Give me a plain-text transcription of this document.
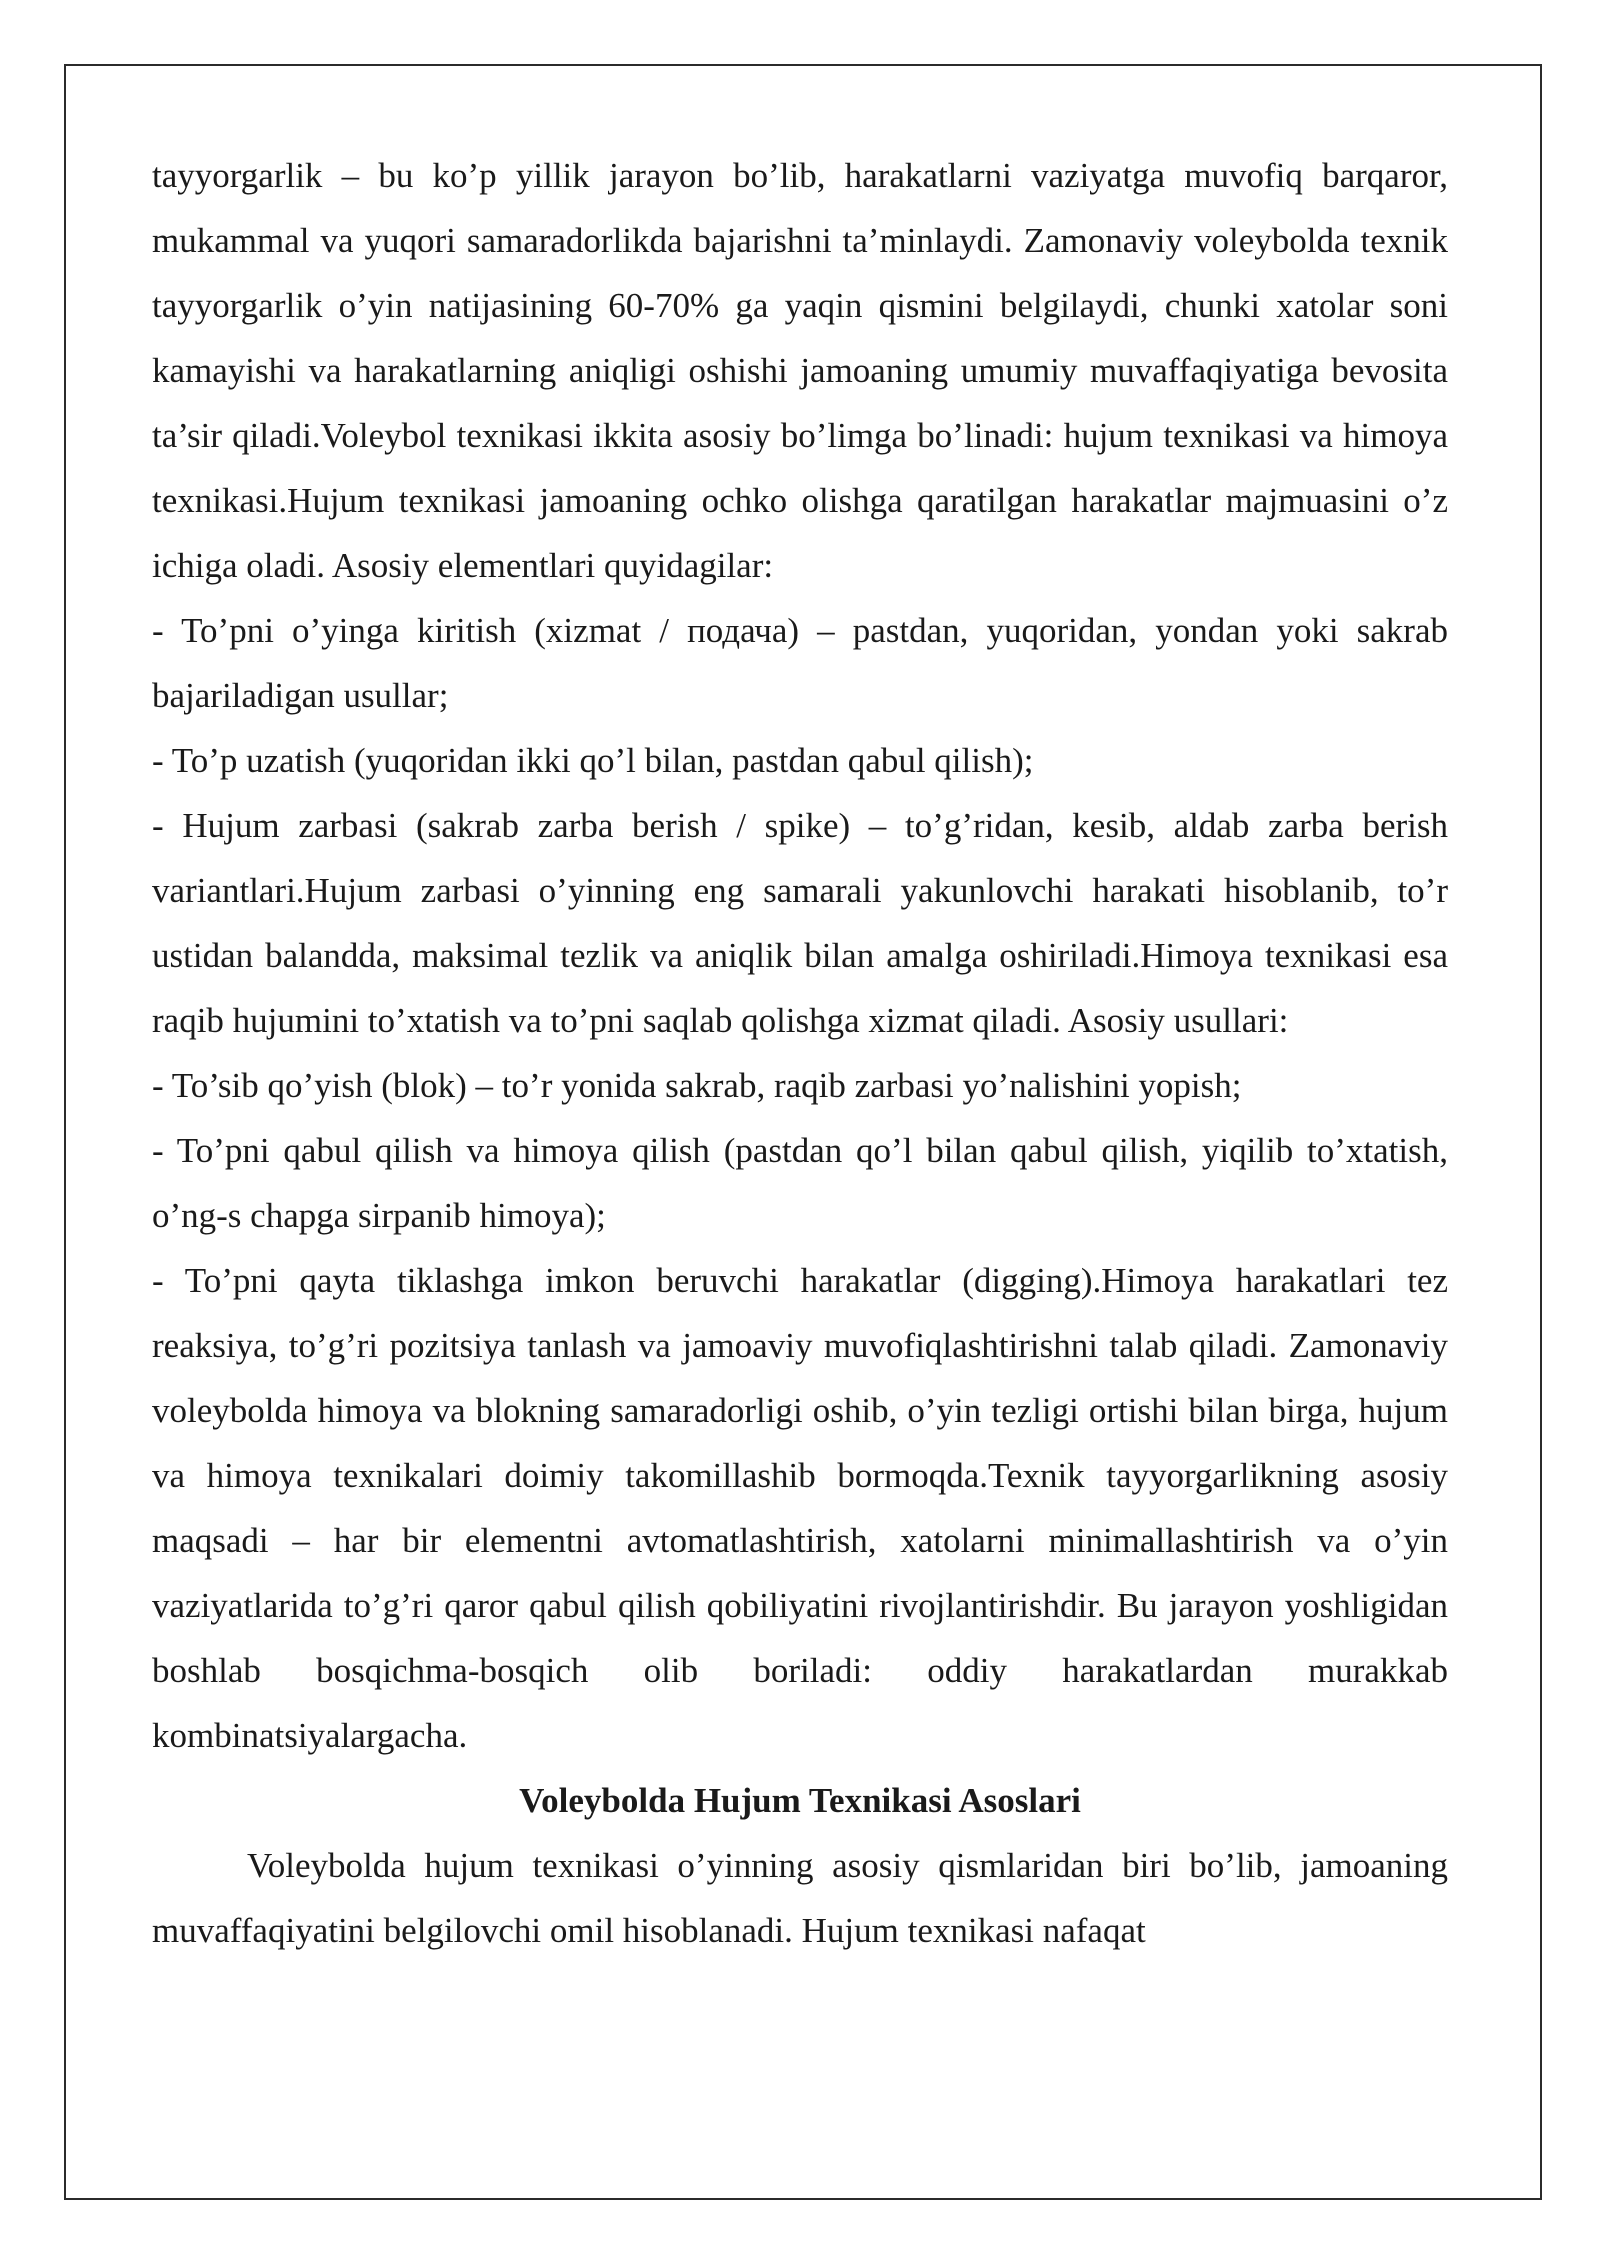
tayyorgarlik – bu ko’p yillik jarayon bo’lib, harakatlarni vaziyatga muvofiq barqaror, mukammal va yuqori samaradorlikda bajarishni ta’minlaydi. Zamonaviy voleybolda texnik tayyorgarlik o’yin natijasining 60-70% ga yaqin qismini belgilaydi, chunki xatolar soni kamayishi va harakatlarning aniqligi oshishi jamoaning umumiy muvaffaqiyatiga bevosita ta’sir qiladi.Voleybol texnikasi ikkita asosiy bo’limga bo’linadi: hujum texnikasi va himoya texnikasi.Hujum texnikasi jamoaning ochko olishga qaratilgan harakatlar majmuasini o’z ichiga oladi. Asosiy elementlari quyidagilar:

- To’pni o’yinga kiritish (xizmat / подача) – pastdan, yuqoridan, yondan yoki sakrab bajariladigan usullar;

- To’p uzatish (yuqoridan ikki qo’l bilan, pastdan qabul qilish);

- Hujum zarbasi (sakrab zarba berish / spike) – to’g’ridan, kesib, aldab zarba berish variantlari.Hujum zarbasi o’yinning eng samarali yakunlovchi harakati hisoblanib, to’r ustidan balandda, maksimal tezlik va aniqlik bilan amalga oshiriladi.Himoya texnikasi esa raqib hujumini to’xtatish va to’pni saqlab qolishga xizmat qiladi. Asosiy usullari:

- To’sib qo’yish (blok) – to’r yonida sakrab, raqib zarbasi yo’nalishini yopish;

- To’pni qabul qilish va himoya qilish (pastdan qo’l bilan qabul qilish, yiqilib to’xtatish, o’ng-s chapga sirpanib himoya);

- To’pni qayta tiklashga imkon beruvchi harakatlar (digging).Himoya harakatlari tez reaksiya, to’g’ri pozitsiya tanlash va jamoaviy muvofiqlashtirishni talab qiladi. Zamonaviy voleybolda himoya va blokning samaradorligi oshib, o’yin tezligi ortishi bilan birga, hujum va himoya texnikalari doimiy takomillashib bormoqda.Texnik tayyorgarlikning asosiy maqsadi – har bir elementni avtomatlashtirish, xatolarni minimallashtirish va o’yin vaziyatlarida to’g’ri qaror qabul qilish qobiliyatini rivojlantirishdir. Bu jarayon yoshligidan boshlab bosqichma-bosqich olib boriladi: oddiy harakatlardan murakkab kombinatsiyalargacha.

Voleybolda Hujum Texnikasi Asoslari

Voleybolda hujum texnikasi o’yinning asosiy qismlaridan biri bo’lib, jamoaning muvaffaqiyatini belgilovchi omil hisoblanadi. Hujum texnikasi nafaqat
